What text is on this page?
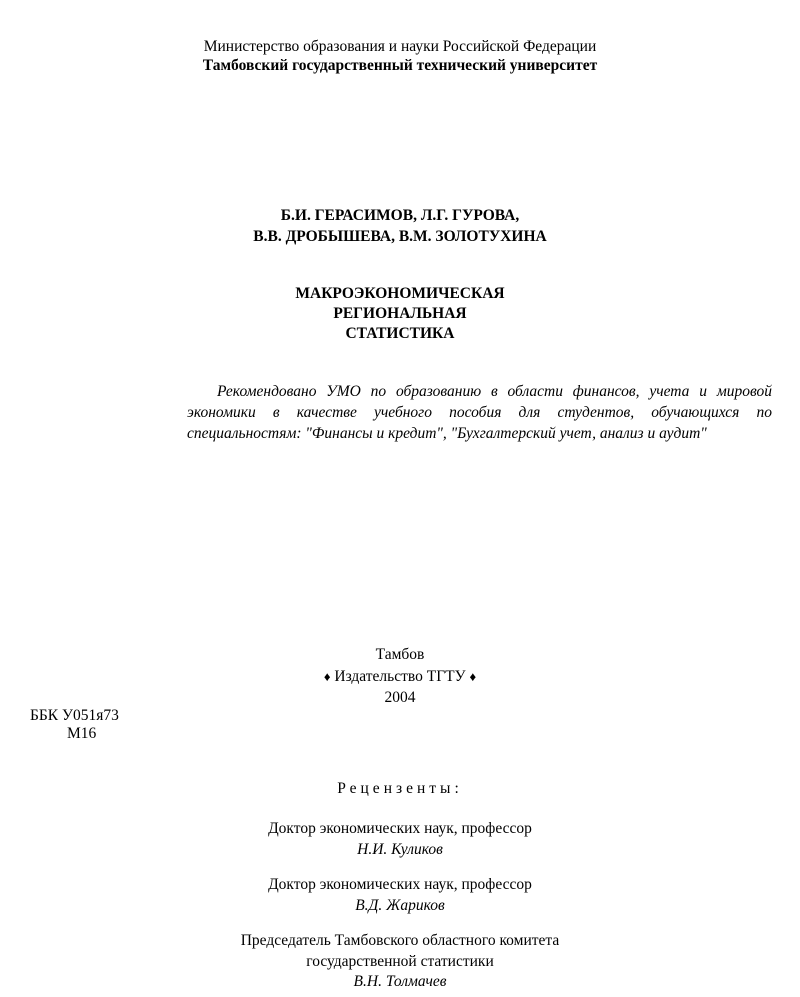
Министерство образования и науки Российской Федерации
Тамбовский государственный технический университет
Б.И. ГЕРАСИМОВ, Л.Г. ГУРОВА,
В.В. ДРОБЫШЕВА, В.М. ЗОЛОТУХИНА
МАКРОЭКОНОМИЧЕСКАЯ
РЕГИОНАЛЬНАЯ
СТАТИСТИКА
Рекомендовано УМО по образованию в области финансов, учета и мировой экономики в качестве учебного пособия для студентов, обучающихся по специальностям: "Финансы и кредит", "Бухгалтерский учет, анализ и аудит"
Тамбов
♦ Издательство ТГТУ ♦
2004
ББК У051я73
М16
Рецензенты:
Доктор экономических наук, профессор
Н.И. Куликов
Доктор экономических наук, профессор
В.Д. Жариков
Председатель Тамбовского областного комитета
государственной статистики
В.Н. Толмачев
